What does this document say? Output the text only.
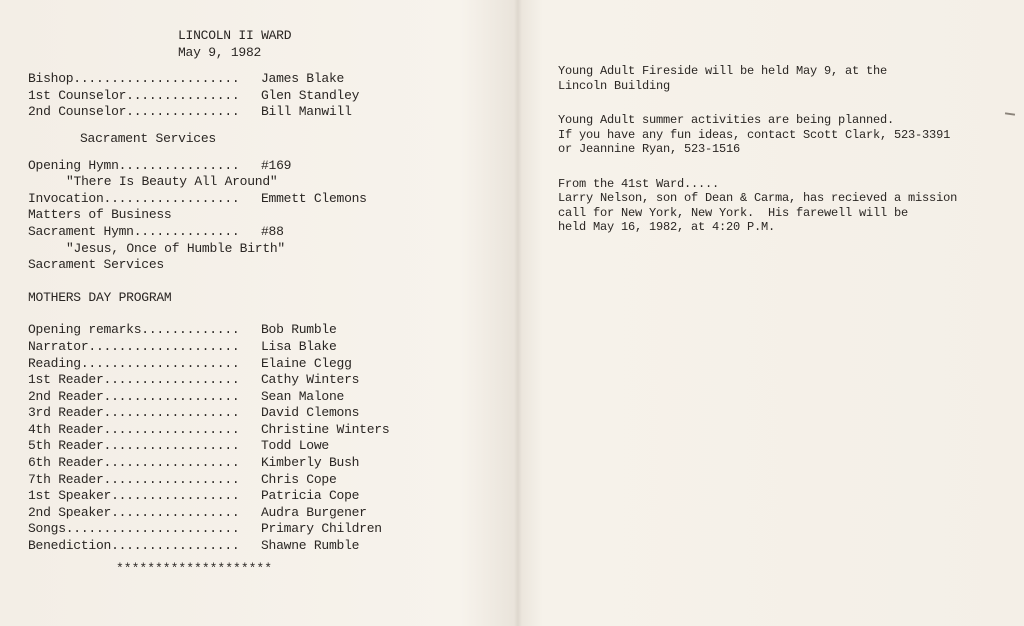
LINCOLN II WARD
May 9, 1982
Bishop......................	James Blake
1st Counselor...............	Glen Standley
2nd Counselor...............	Bill Manwill
Sacrament Services
Opening Hymn................	#169
"There Is Beauty All Around"
Invocation..................	Emmett Clemons
Matters of Business
Sacrament Hymn..............	#88
"Jesus, Once of Humble Birth"
Sacrament Services
MOTHERS DAY PROGRAM
Opening remarks.............	Bob Rumble
Narrator....................	Lisa Blake
Reading.....................	Elaine Clegg
1st Reader..................	Cathy Winters
2nd Reader..................	Sean Malone
3rd Reader..................	David Clemons
4th Reader..................	Christine Winters
5th Reader..................	Todd Lowe
6th Reader..................	Kimberly Bush
7th Reader..................	Chris Cope
1st Speaker.................	Patricia Cope
2nd Speaker.................	Audra Burgener
Songs.......................	Primary Children
Benediction.................	Shawne Rumble
********************
Young Adult Fireside will be held May 9, at the
Lincoln Building
Young Adult summer activities are being planned.
If you have any fun ideas, contact Scott Clark, 523-3391
or Jeannine Ryan, 523-1516
From the 41st Ward.....
Larry Nelson, son of Dean & Carma, has recieved a mission
call for New York, New York.  His farewell will be
held May 16, 1982, at 4:20 P.M.
